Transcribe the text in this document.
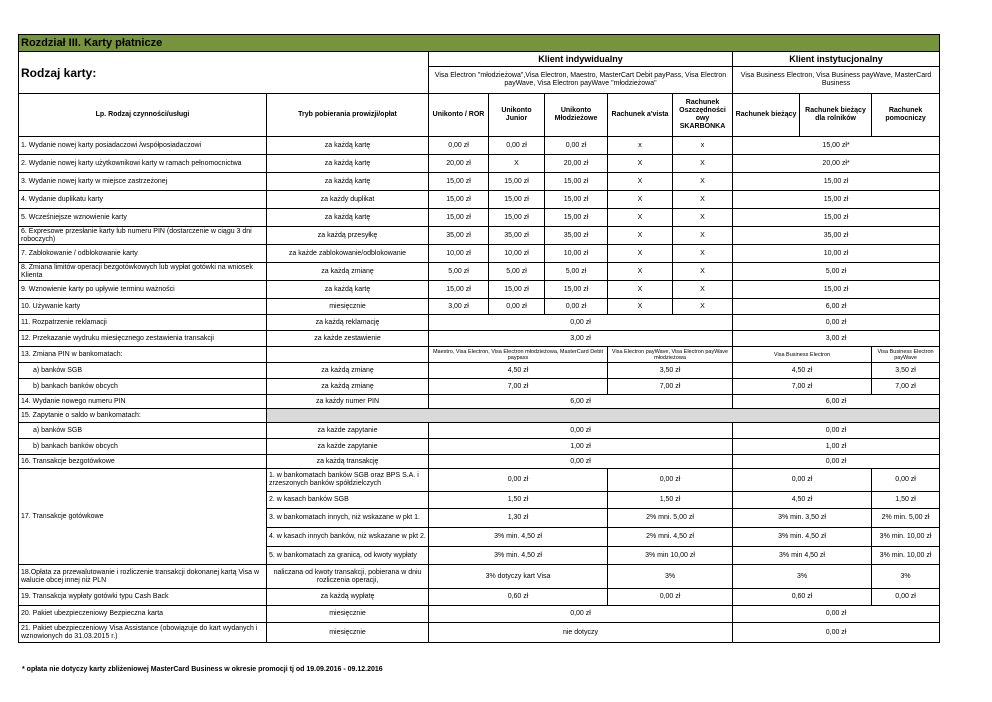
Rozdział III. Karty płatnicze									
Rodzaj karty:		Klient indywidualny					Klient instytucjonalny		
		Visa Electron "młodzieżowa",Visa Electron, Maestro, MasterCart Debit payPass, Visa Electron payWave, Visa Electron payWave "młodzieżowa"					Visa Business Electron, Visa Business payWave, MasterCard Business		
Lp. Rodzaj czynności/usługi	Tryb pobierania prowizji/opłat	Unikonto / ROR	Unikonto Junior	Unikonto Młodzieżowe	Rachunek a'vista	Rachunek Oszczędności owy SKARBONKA	Rachunek bieżący	Rachunek bieżący dla rolników	Rachunek pomocniczy
1. Wydanie nowej karty posiadaczowi /współposiadaczowi	za każdą kartę	0,00 zł	0,00 zł	0,00 zł	x	x	15,00 zł*		
2. Wydanie nowej karty użytkownikowi karty w ramach pełnomocnictwa	za każdą kartę	20,00 zł	X	20,00 zł	X	X	20,00 zł*		
3. Wydanie nowej karty w miejsce zastrzeżonej	za każdą kartę	15,00 zł	15,00 zł	15,00 zł	X	X	15,00 zł		
4. Wydanie duplikatu karty	za każdy duplikat	15,00 zł	15,00 zł	15,00 zł	X	X	15,00 zł		
5. Wcześniejsze wznowienie karty	za każdą kartę	15,00 zł	15,00 zł	15,00 zł	X	X	15,00 zł		
6. Expresowe przesłanie karty lub numeru PIN (dostarczenie w ciągu 3 dni roboczych)	za każdą przesyłkę	35,00 zł	35,00 zł	35,00 zł	X	X	35,00 zł		
7. Zablokowanie / odblokowanie karty	za każde zablokowanie/odblokowanie	10,00 zł	10,00 zł	10,00 zł	X	X	10,00 zł		
8. Zmiana limitów operacji bezgotówkowych lub wypłat gotówki na wniosek Klienta	za każdą zmianę	5,00 zł	5,00 zł	5,00 zł	X	X	5,00 zł		
9. Wznowienie karty po upływie terminu ważności	za każdą kartę	15,00 zł	15,00 zł	15,00 zł	X	X	15,00 zł		
10. Używanie karty	miesięcznie	3,00 zł	0,00 zł	0,00 zł	X	X	6,00 zł		
11. Rozpatrzenie reklamacji	za każdą reklamację	0,00 zł					0,00 zł		
12. Przekazanie wydruku miesięcznego zestawienia transakcji	za każde zestawienie	3,00 zł					3,00 zł		
13. Zmiana PIN w bankomatach:		Maestro, Visa Electron, Visa Electron młodzieżowa, MasterCard Debit paypass			Visa Electron payWave, Visa Electron payWave młodzieżowa		Visa Business Electron		Visa Business Electron payWave
a) banków SGB	za każdą zmianę	4,50 zł			3,50 zł		4,50 zł		3,50 zł
b) bankach banków obcych	za każdą zmianę	7,00 zł			7,00 zł		7,00 zł		7,00 zł
14. Wydanie nowego numeru PIN	za każdy numer PIN	6,00 zł					6,00 zł		
15. Zapytanie o saldo w bankomatach:									
a) banków SGB	za każde zapytanie	0,00 zł					0,00 zł		
b) bankach banków obcych	za każde zapytanie	1,00 zł					1,00 zł		
16. Transakcje bezgotówkowe	za każdą transakcję	0,00 zł					0,00 zł		
17. Transakcje gotówkowe	1. w bankomatach banków SGB oraz BPS S.A. i zrzeszonych banków spółdzielczych	0,00 zł			0,00 zł		0,00 zł		0,00 zł
	2. w kasach banków SGB	1,50 zł			1,50 zł		4,50 zł		1,50 zł
	3. w bankomatach innych, niż wskazane w pkt 1.	1,30 zł			2% mni. 5,00 zł		3% min. 3,50 zł		2% min. 5,00 zł
	4. w kasach innych banków, niż wskazane w pkt 2.	3% min. 4,50 zł			2% mni. 4,50 zł		3% min. 4,50 zł		3% min. 10,00 zł
	5. w bankomatach za granicą, od kwoty wypłaty	3% min. 4,50 zł			3% min 10,00 zł		3% min 4,50 zł		3% min. 10,00 zł
18.Opłata za przewalutowanie i rozliczenie transakcji dokonanej kartą Visa w walucie obcej innej niż PLN	naliczana od kwoty transakcji, pobierana w dniu rozliczenia operacji,	3% dotyczy kart Visa			3%		3%		3%
19. Transakcja wypłaty gotówki typu Cash Back	za każdą wypłatę	0,60 zł			0,00 zł		0,60 zł		0,00 zł
20. Pakiet ubezpieczeniowy Bezpieczna karta	miesięcznie	0,00 zł					0,00 zł		
21. Pakiet ubezpieczeniowy Visa Assistance (obowiązuje do kart wydanych i wznowionych do 31.03.2015 r.)	miesięcznie	nie dotyczy					0,00 zł		
* opłata nie dotyczy karty zbliżeniowej MasterCard Business w okresie promocji tj od 19.09.2016 - 09.12.2016
